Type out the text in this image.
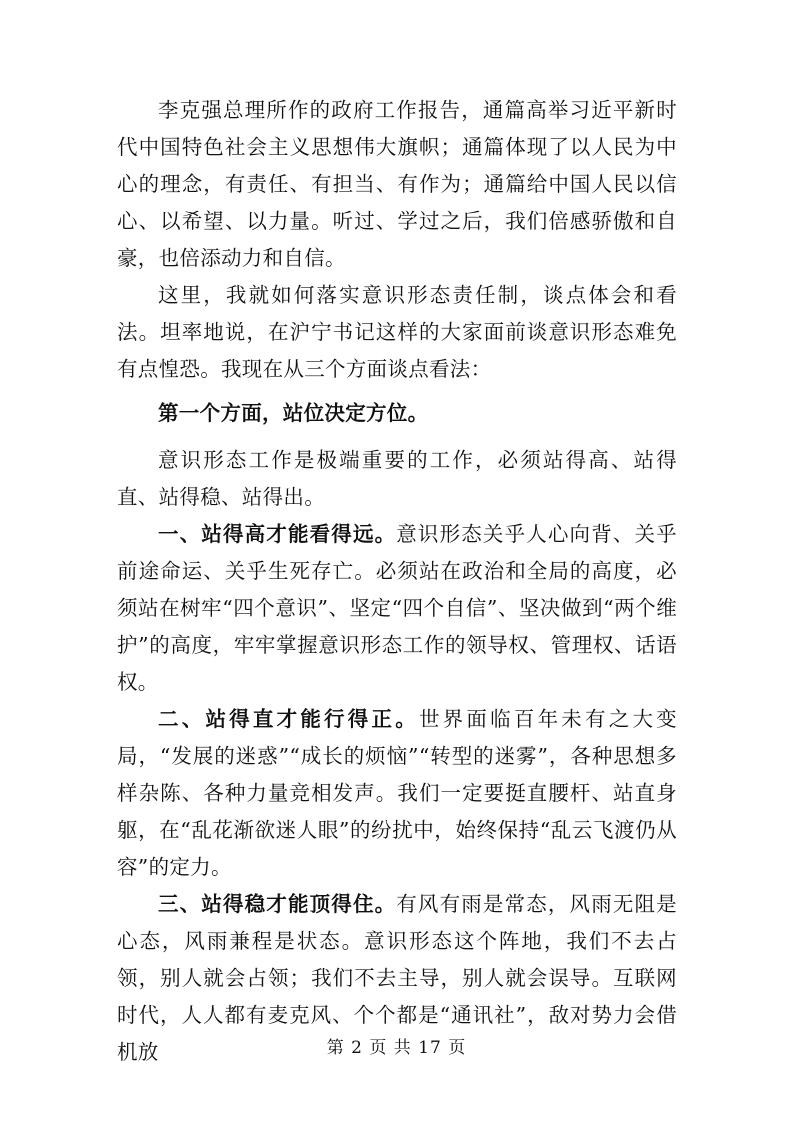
李克强总理所作的政府工作报告，通篇高举习近平新时代中国特色社会主义思想伟大旗帜；通篇体现了以人民为中心的理念，有责任、有担当、有作为；通篇给中国人民以信心、以希望、以力量。听过、学过之后，我们倍感骄傲和自豪，也倍添动力和自信。

这里，我就如何落实意识形态责任制，谈点体会和看法。坦率地说，在沪宁书记这样的大家面前谈意识形态难免有点惶恐。我现在从三个方面谈点看法：

第一个方面，站位决定方位。

意识形态工作是极端重要的工作，必须站得高、站得直、站得稳、站得出。

一、站得高才能看得远。意识形态关乎人心向背、关乎前途命运、关乎生死存亡。必须站在政治和全局的高度，必须站在树牢“四个意识”、坚定“四个自信”、坚决做到“两个维护”的高度，牢牢掌握意识形态工作的领导权、管理权、话语权。

二、站得直才能行得正。世界面临百年未有之大变局，“发展的迷惑”“成长的烦恼”“转型的迷雾”，各种思想多样杂陈、各种力量竞相发声。我们一定要挺直腰杆、站直身躯，在“乱花渐欲迷人眼”的纷扰中，始终保持“乱云飞渡仍从容”的定力。

三、站得稳才能顶得住。有风有雨是常态，风雨无阻是心态，风雨兼程是状态。意识形态这个阵地，我们不去占领，别人就会占领；我们不去主导，别人就会误导。互联网时代，人人都有麦克风、个个都是“通讯社”，敌对势力会借机放	第 2 页 共 17 页
